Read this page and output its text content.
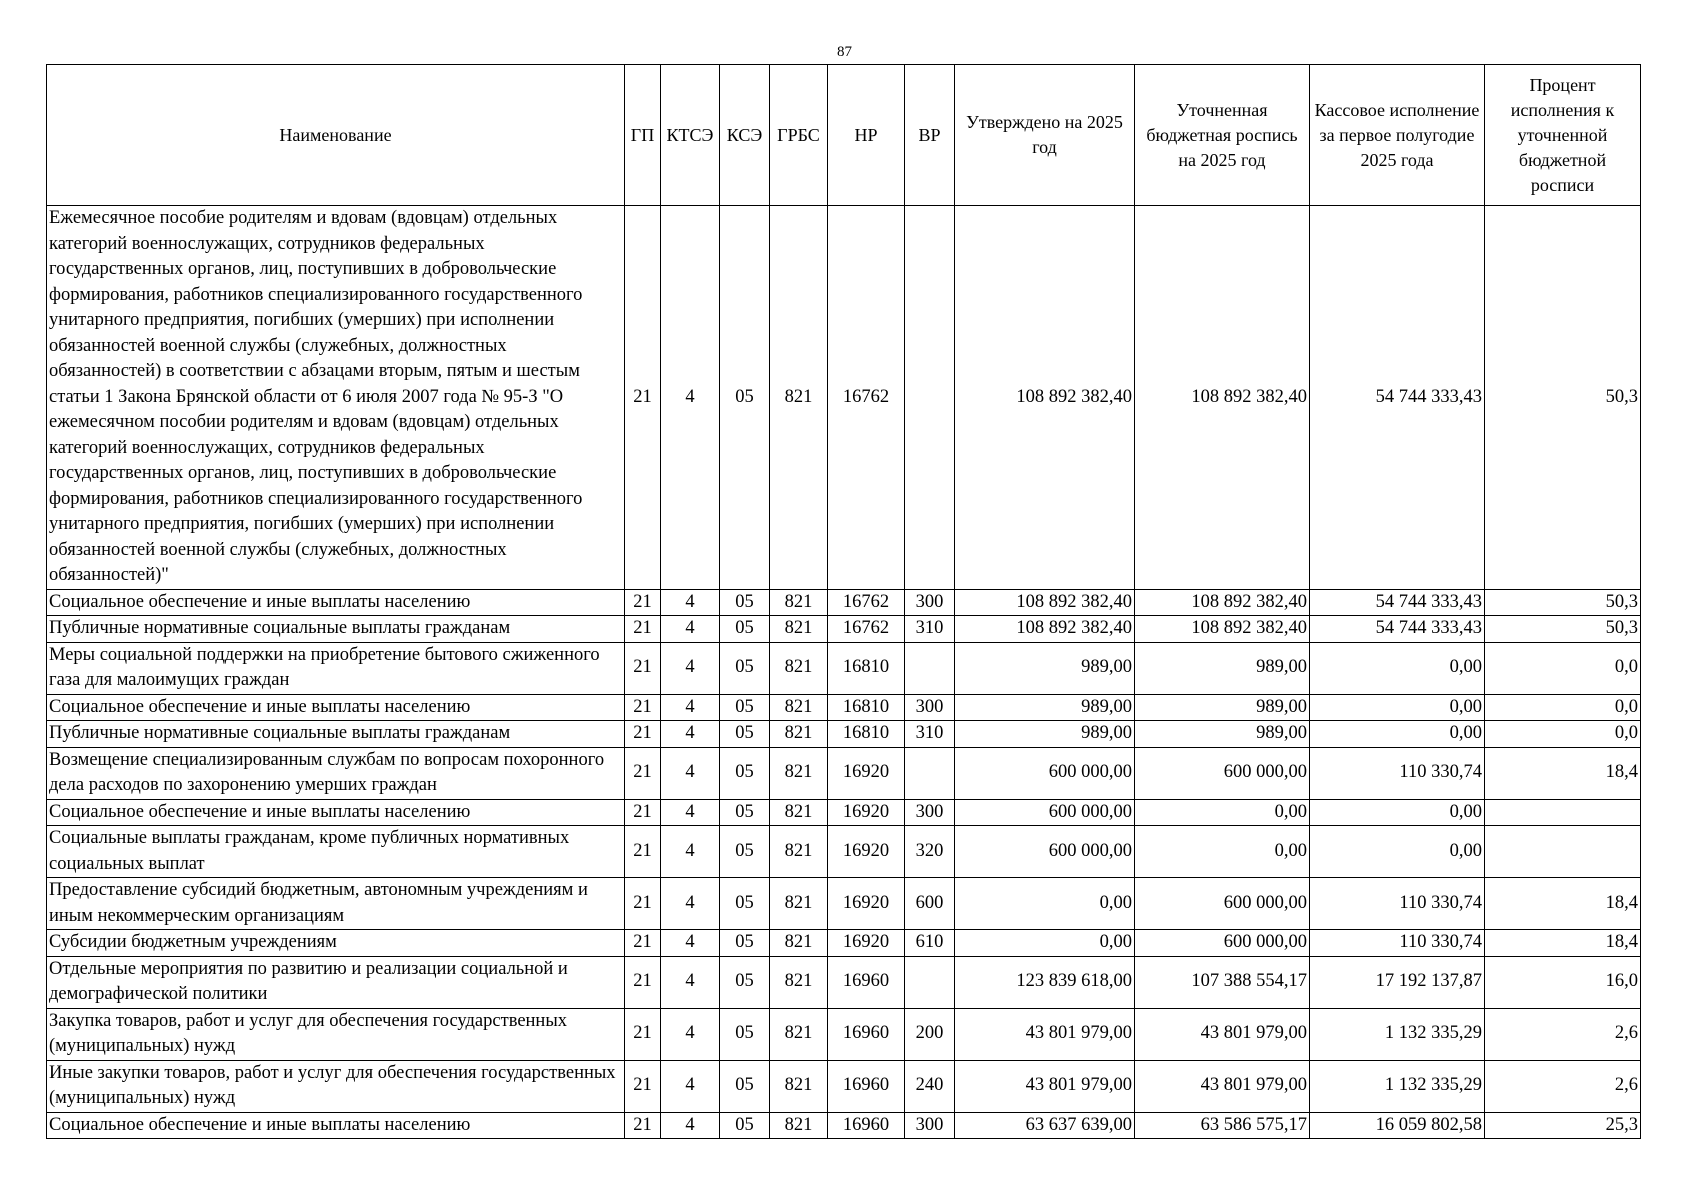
87
Наименование	ГП	КТСЭ	КСЭ	ГРБС	НР	ВР	Утверждено на 2025 год	Уточненная бюджетная роспись на 2025 год	Кассовое исполнение за первое полугодие 2025 года	Процент исполнения к уточненной бюджетной росписи
Ежемесячное пособие родителям и вдовам (вдовцам) отдельных категорий военнослужащих, сотрудников федеральных государственных органов, лиц, поступивших в добровольческие формирования, работников специализированного государственного унитарного предприятия, погибших (умерших) при исполнении обязанностей военной службы (служебных, должностных обязанностей) в соответствии с абзацами вторым, пятым и шестым статьи 1 Закона Брянской области от 6 июля 2007 года № 95-З "О ежемесячном пособии родителям и вдовам (вдовцам) отдельных категорий военнослужащих, сотрудников федеральных государственных органов, лиц, поступивших в добровольческие формирования, работников специализированного государственного унитарного предприятия, погибших (умерших) при исполнении обязанностей военной службы (служебных, должностных обязанностей)"	21	4	05	821	16762		108 892 382,40	108 892 382,40	54 744 333,43	50,3
Социальное обеспечение и иные выплаты населению	21	4	05	821	16762	300	108 892 382,40	108 892 382,40	54 744 333,43	50,3
Публичные нормативные социальные выплаты гражданам	21	4	05	821	16762	310	108 892 382,40	108 892 382,40	54 744 333,43	50,3
Меры социальной поддержки на приобретение бытового сжиженного газа для малоимущих граждан	21	4	05	821	16810		989,00	989,00	0,00	0,0
Социальное обеспечение и иные выплаты населению	21	4	05	821	16810	300	989,00	989,00	0,00	0,0
Публичные нормативные социальные выплаты гражданам	21	4	05	821	16810	310	989,00	989,00	0,00	0,0
Возмещение специализированным службам по вопросам похоронного дела расходов по захоронению умерших граждан	21	4	05	821	16920		600 000,00	600 000,00	110 330,74	18,4
Социальное обеспечение и иные выплаты населению	21	4	05	821	16920	300	600 000,00	0,00	0,00	
Социальные выплаты гражданам, кроме публичных нормативных социальных выплат	21	4	05	821	16920	320	600 000,00	0,00	0,00	
Предоставление субсидий бюджетным, автономным учреждениям и иным некоммерческим организациям	21	4	05	821	16920	600	0,00	600 000,00	110 330,74	18,4
Субсидии бюджетным учреждениям	21	4	05	821	16920	610	0,00	600 000,00	110 330,74	18,4
Отдельные мероприятия по развитию и реализации социальной и демографической политики	21	4	05	821	16960		123 839 618,00	107 388 554,17	17 192 137,87	16,0
Закупка товаров, работ и услуг для обеспечения государственных (муниципальных) нужд	21	4	05	821	16960	200	43 801 979,00	43 801 979,00	1 132 335,29	2,6
Иные закупки товаров, работ и услуг для обеспечения государственных (муниципальных) нужд	21	4	05	821	16960	240	43 801 979,00	43 801 979,00	1 132 335,29	2,6
Социальное обеспечение и иные выплаты населению	21	4	05	821	16960	300	63 637 639,00	63 586 575,17	16 059 802,58	25,3
